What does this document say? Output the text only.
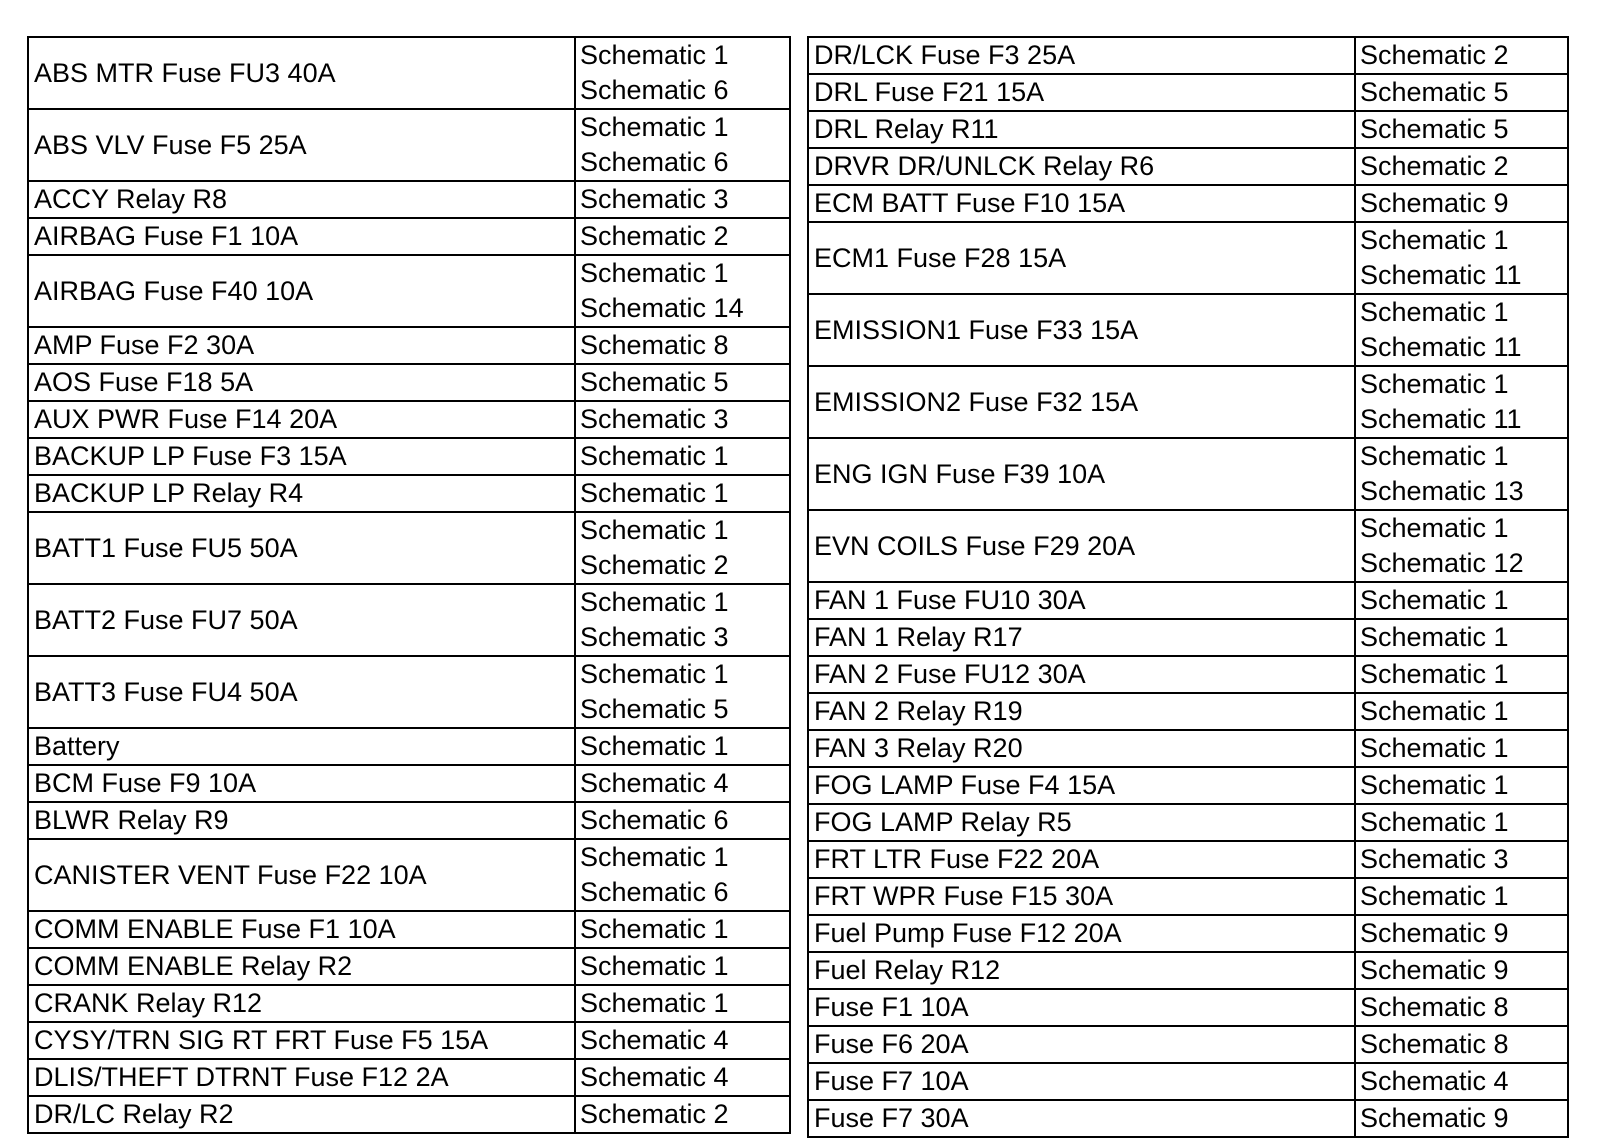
ABS MTR Fuse FU3 40A	Schematic 1
Schematic 6

ABS VLV Fuse F5 25A	Schematic 1
Schematic 6

ACCY Relay R8	Schematic 3

AIRBAG Fuse F1 10A	Schematic 2

AIRBAG Fuse F40 10A	Schematic 1
Schematic 14

AMP Fuse F2 30A	Schematic 8

AOS Fuse F18 5A	Schematic 5

AUX PWR Fuse F14 20A	Schematic 3

BACKUP LP Fuse F3 15A	Schematic 1

BACKUP LP Relay R4	Schematic 1

BATT1 Fuse FU5 50A	Schematic 1
Schematic 2

BATT2 Fuse FU7 50A	Schematic 1
Schematic 3

BATT3 Fuse FU4 50A	Schematic 1
Schematic 5

Battery	Schematic 1

BCM Fuse F9 10A	Schematic 4

BLWR Relay R9	Schematic 6

CANISTER VENT Fuse F22 10A	Schematic 1
Schematic 6

COMM ENABLE Fuse F1 10A	Schematic 1

COMM ENABLE Relay R2	Schematic 1

CRANK Relay R12	Schematic 1

CYSY/TRN SIG RT FRT Fuse F5 15A	Schematic 4

DLIS/THEFT DTRNT Fuse F12 2A	Schematic 4

DR/LC Relay R2	Schematic 2
DR/LCK Fuse F3 25A	Schematic 2

DRL Fuse F21 15A	Schematic 5

DRL Relay R11	Schematic 5

DRVR DR/UNLCK Relay R6	Schematic 2

ECM BATT Fuse F10 15A	Schematic 9

ECM1 Fuse F28 15A	Schematic 1
Schematic 11

EMISSION1 Fuse F33 15A	Schematic 1
Schematic 11

EMISSION2 Fuse F32 15A	Schematic 1
Schematic 11

ENG IGN Fuse F39 10A	Schematic 1
Schematic 13

EVN COILS Fuse F29 20A	Schematic 1
Schematic 12

FAN 1 Fuse FU10 30A	Schematic 1

FAN 1 Relay R17	Schematic 1

FAN 2 Fuse FU12 30A	Schematic 1

FAN 2 Relay R19	Schematic 1

FAN 3 Relay R20	Schematic 1

FOG LAMP Fuse F4 15A	Schematic 1

FOG LAMP Relay R5	Schematic 1

FRT LTR Fuse F22 20A	Schematic 3

FRT WPR Fuse F15 30A	Schematic 1

Fuel Pump Fuse F12 20A	Schematic 9

Fuel Relay R12	Schematic 9

Fuse F1 10A	Schematic 8

Fuse F6 20A	Schematic 8

Fuse F7 10A	Schematic 4

Fuse F7 30A	Schematic 9
